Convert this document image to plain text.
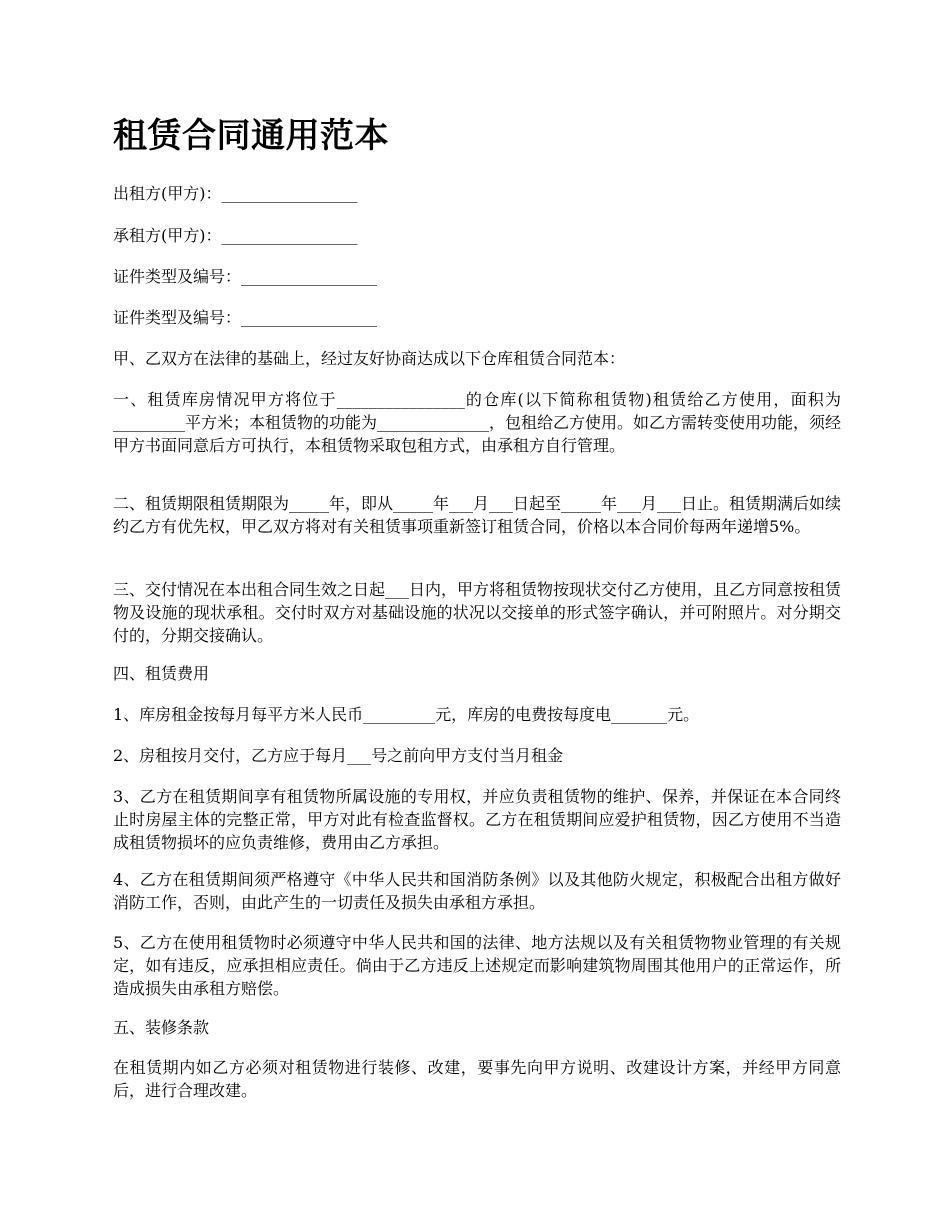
租赁合同通用范本

出租方(甲方)：_________________

承租方(甲方)：_________________

证件类型及编号：_________________

证件类型及编号：_________________

甲、乙双方在法律的基础上，经过友好协商达成以下仓库租赁合同范本：

一、租赁库房情况甲方将位于________________的仓库(以下简称租赁物)租赁给乙方使用，面积为_________平方米；本租赁物的功能为______________，包租给乙方使用。如乙方需转变使用功能，须经甲方书面同意后方可执行，本租赁物采取包租方式，由承租方自行管理。

二、租赁期限租赁期限为_____年，即从_____年___月___日起至_____年___月___日止。租赁期满后如续约乙方有优先权，甲乙双方将对有关租赁事项重新签订租赁合同，价格以本合同价每两年递增5%。

三、交付情况在本出租合同生效之日起___日内，甲方将租赁物按现状交付乙方使用，且乙方同意按租赁物及设施的现状承租。交付时双方对基础设施的状况以交接单的形式签字确认，并可附照片。对分期交付的，分期交接确认。

四、租赁费用

1、库房租金按每月每平方米人民币_________元，库房的电费按每度电_______元。

2、房租按月交付，乙方应于每月___号之前向甲方支付当月租金

3、乙方在租赁期间享有租赁物所属设施的专用权，并应负责租赁物的维护、保养，并保证在本合同终止时房屋主体的完整正常，甲方对此有检查监督权。乙方在租赁期间应爱护租赁物，因乙方使用不当造成租赁物损坏的应负责维修，费用由乙方承担。

4、乙方在租赁期间须严格遵守《中华人民共和国消防条例》以及其他防火规定，积极配合出租方做好消防工作，否则，由此产生的一切责任及损失由承租方承担。

5、乙方在使用租赁物时必须遵守中华人民共和国的法律、地方法规以及有关租赁物物业管理的有关规定，如有违反，应承担相应责任。倘由于乙方违反上述规定而影响建筑物周围其他用户的正常运作，所造成损失由承租方赔偿。

五、装修条款

在租赁期内如乙方必须对租赁物进行装修、改建，要事先向甲方说明、改建设计方案，并经甲方同意后，进行合理改建。
